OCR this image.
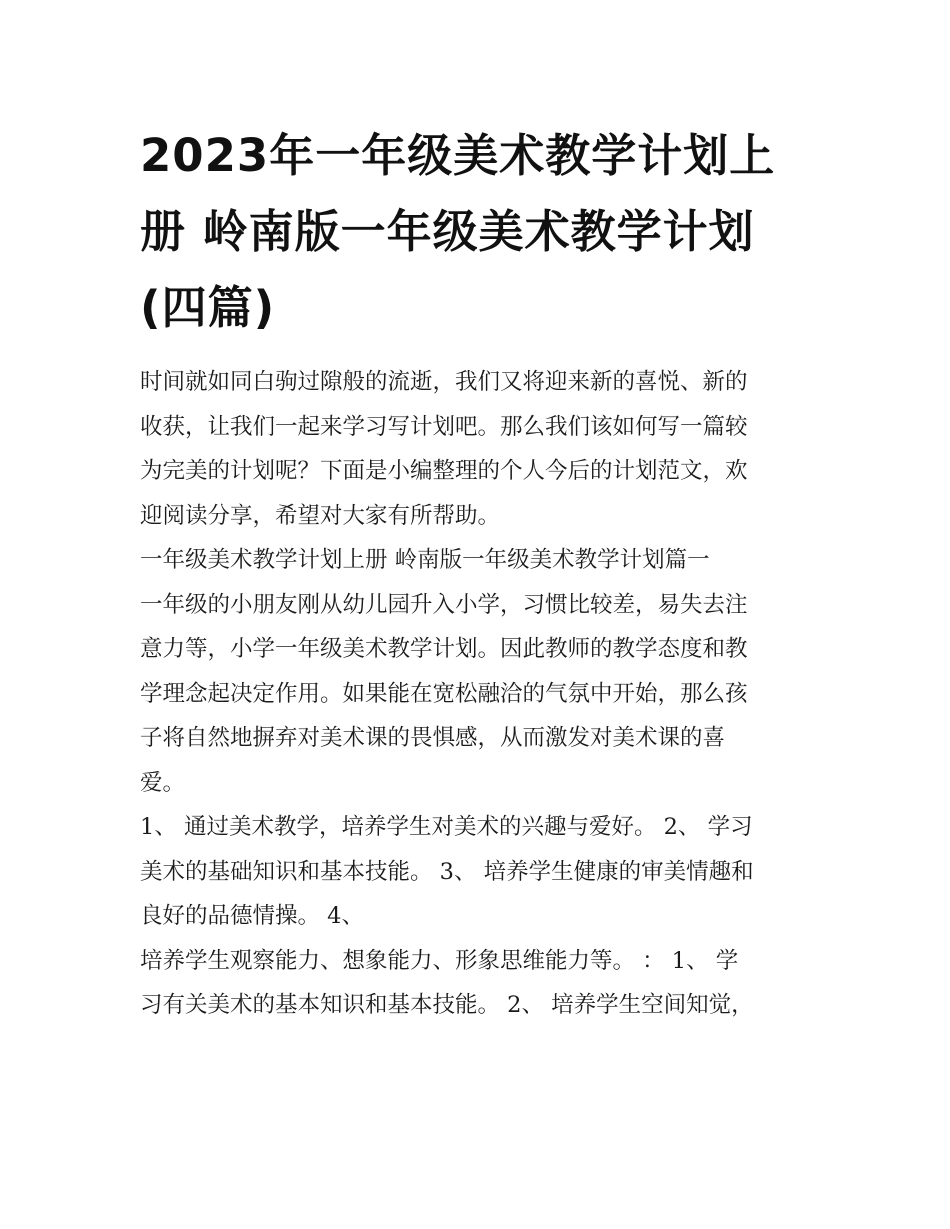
2023年一年级美术教学计划上
册 岭南版一年级美术教学计划
(四篇)

时间就如同白驹过隙般的流逝，我们又将迎来新的喜悦、新的
收获，让我们一起来学习写计划吧。那么我们该如何写一篇较
为完美的计划呢？下面是小编整理的个人今后的计划范文，欢
迎阅读分享，希望对大家有所帮助。

一年级美术教学计划上册 岭南版一年级美术教学计划篇一

一年级的小朋友刚从幼儿园升入小学，习惯比较差，易失去注
意力等，小学一年级美术教学计划。因此教师的教学态度和教
学理念起决定作用。如果能在宽松融洽的气氛中开始，那么孩
子将自然地摒弃对美术课的畏惧感，从而激发对美术课的喜
爱。

1、 通过美术教学，培养学生对美术的兴趣与爱好。 2、 学习
美术的基础知识和基本技能。 3、 培养学生健康的审美情趣和
良好的品德情操。 4、

培养学生观察能力、想象能力、形象思维能力等。 ： 1、 学
习有关美术的基本知识和基本技能。 2、 培养学生空间知觉，
